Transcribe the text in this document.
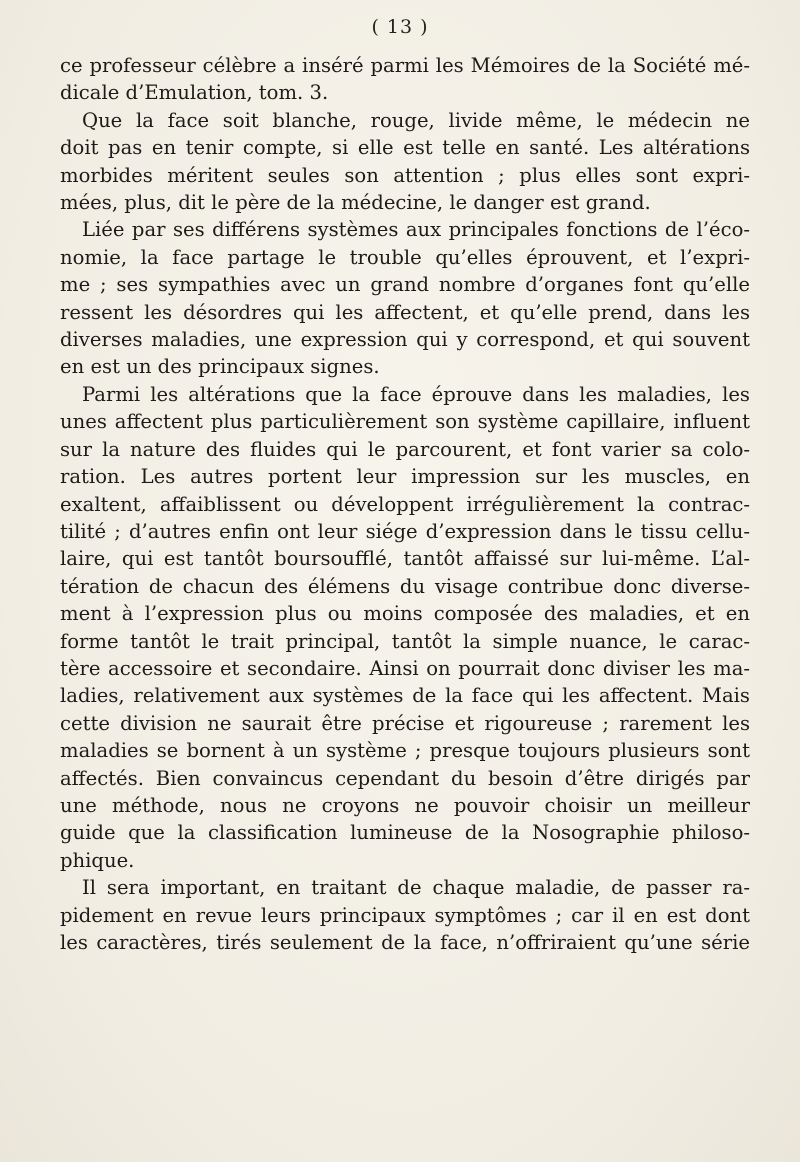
( 13 )

ce professeur célèbre a inséré parmi les Mémoires de la Société mé-
dicale d’Emulation, tom. 3.

Que la face soit blanche, rouge, livide même, le médecin ne
doit pas en tenir compte, si elle est telle en santé. Les altérations
morbides méritent seules son attention ; plus elles sont expri-
mées, plus, dit le père de la médecine, le danger est grand.

Liée par ses différens systèmes aux principales fonctions de l’éco-
nomie, la face partage le trouble qu’elles éprouvent, et l’expri-
me ; ses sympathies avec un grand nombre d’organes font qu’elle
ressent les désordres qui les affectent, et qu’elle prend, dans les
diverses maladies, une expression qui y correspond, et qui souvent
en est un des principaux signes.

Parmi les altérations que la face éprouve dans les maladies, les
unes affectent plus particulièrement son système capillaire, influent
sur la nature des fluides qui le parcourent, et font varier sa colo-
ration. Les autres portent leur impression sur les muscles, en
exaltent, affaiblissent ou développent irrégulièrement la contrac-
tilité ; d’autres enfin ont leur siége d’expression dans le tissu cellu-
laire, qui est tantôt boursoufflé, tantôt affaissé sur lui-même. L’al-
tération de chacun des élémens du visage contribue donc diverse-
ment à l’expression plus ou moins composée des maladies, et en
forme tantôt le trait principal, tantôt la simple nuance, le carac-
tère accessoire et secondaire. Ainsi on pourrait donc diviser les ma-
ladies, relativement aux systèmes de la face qui les affectent. Mais
cette division ne saurait être précise et rigoureuse ; rarement les
maladies se bornent à un système ; presque toujours plusieurs sont
affectés. Bien convaincus cependant du besoin d’être dirigés par
une méthode, nous ne croyons ne pouvoir choisir un meilleur
guide que la classification lumineuse de la Nosographie philoso-
phique.

Il sera important, en traitant de chaque maladie, de passer ra-
pidement en revue leurs principaux symptômes ; car il en est dont
les caractères, tirés seulement de la face, n’offriraient qu’une série
